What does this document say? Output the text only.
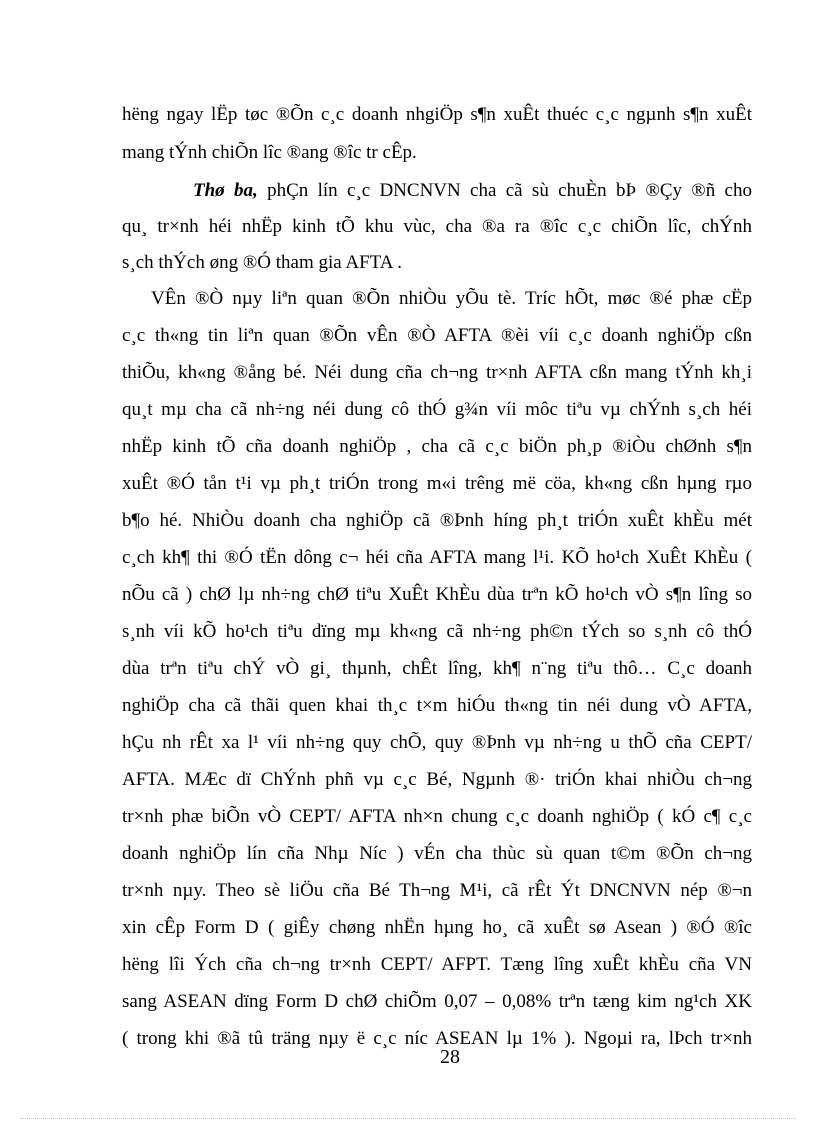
hëng ngay lËp tøc ®Õn c¸c doanh nhgiÖp s¶n xuÊt thuéc c¸c ngµnh s¶n xuÊt
mang tÝnh chiÕn lîc ®ang ®îc tr cÊp.
Thø ba, phÇn lín c¸c DNCNVN cha cã sù chuÈn bÞ ®Çy ®ñ cho
qu¸ tr×nh héi nhËp kinh tÕ khu vùc, cha ®a ra ®îc c¸c chiÕn lîc, chÝnh
s¸ch thÝch øng ®Ó tham gia AFTA .
VÊn ®Ò nµy liªn quan ®Õn nhiÒu yÕu tè. Tríc hÕt, møc ®é phæ cËp
c¸c th«ng tin liªn quan ®Õn vÊn ®Ò AFTA ®èi víi c¸c doanh nghiÖp cßn
thiÕu, kh«ng ®ång bé. Néi dung cña ch¬ng tr×nh AFTA cßn mang tÝnh kh¸i
qu¸t mµ cha cã nh÷ng néi dung cô thÓ g¾n víi môc tiªu vµ chÝnh s¸ch héi
nhËp kinh tÕ cña doanh nghiÖp , cha cã c¸c biÖn ph¸p ®iÒu chØnh s¶n
xuÊt ®Ó tån t¹i vµ ph¸t triÓn trong m«i trêng më cöa, kh«ng cßn hµng rµo
b¶o hé. NhiÒu doanh cha nghiÖp cã ®Þnh híng ph¸t triÓn xuÊt khÈu mét
c¸ch kh¶ thi ®Ó tËn dông c¬ héi cña AFTA mang l¹i. KÕ ho¹ch XuÊt KhÈu (
nÕu cã ) chØ lµ nh÷ng chØ tiªu XuÊt KhÈu dùa trªn kÕ ho¹ch vÒ s¶n lîng so
s¸nh víi kÕ ho¹ch tiªu dïng mµ kh«ng cã nh÷ng ph©n tÝch so s¸nh cô thÓ
dùa trªn tiªu chÝ vÒ gi¸ thµnh, chÊt lîng, kh¶ n¨ng tiªu thô… C¸c doanh
nghiÖp cha cã thãi quen khai th¸c t×m hiÓu th«ng tin néi dung vÒ AFTA,
hÇu nh rÊt xa l¹ víi nh÷ng quy chÕ, quy ®Þnh vµ nh÷ng u thÕ cña CEPT/
AFTA. MÆc dï ChÝnh phñ vµ c¸c Bé, Ngµnh ®· triÓn khai nhiÒu ch¬ng
tr×nh phæ biÕn vÒ CEPT/ AFTA nh×n chung c¸c doanh nghiÖp ( kÓ c¶ c¸c
doanh nghiÖp lín cña Nhµ Níc ) vÉn cha thùc sù quan t©m ®Õn ch¬ng
tr×nh nµy. Theo sè liÖu cña Bé Th¬ng M¹i, cã rÊt Ýt DNCNVN nép ®¬n
xin cÊp Form D ( giÊy chøng nhËn hµng ho¸ cã xuÊt sø Asean ) ®Ó ®îc
hëng lîi Ých cña ch¬ng tr×nh CEPT/ AFPT. Tæng lîng xuÊt khÈu cña VN
sang ASEAN dïng Form D chØ chiÕm 0,07 – 0,08% trªn tæng kim ng¹ch XK
( trong khi ®ã tû träng nµy ë c¸c níc ASEAN lµ 1% ). Ngoµi ra, lÞch tr×nh
28
